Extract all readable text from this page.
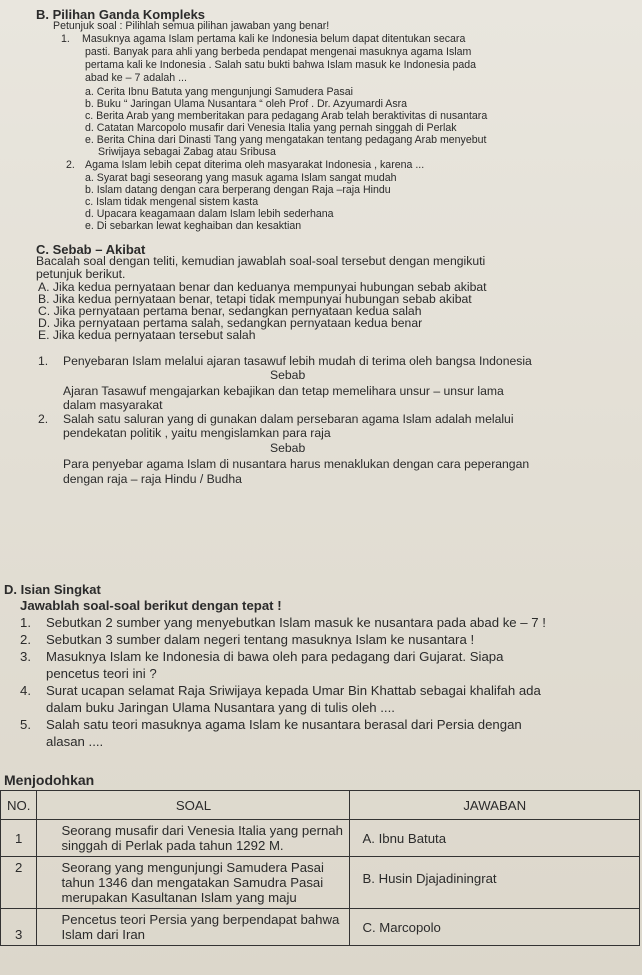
B. Pilihan Ganda Kompleks
Petunjuk soal : Pilihlah semua pilihan jawaban yang benar!
1. Masuknya agama Islam pertama kali ke Indonesia belum dapat ditentukan secara
pasti. Banyak para ahli yang berbeda pendapat mengenai masuknya agama Islam
pertama kali ke Indonesia . Salah satu bukti bahwa Islam masuk ke Indonesia pada
abad ke – 7 adalah ...
a. Cerita Ibnu Batuta yang mengunjungi Samudera Pasai
b. Buku “ Jaringan Ulama Nusantara “ oleh Prof . Dr. Azyumardi Asra
c. Berita Arab yang memberitakan para pedagang Arab telah beraktivitas di nusantara
d. Catatan Marcopolo musafir dari Venesia Italia yang pernah singgah di Perlak
e. Berita China dari Dinasti Tang yang mengatakan tentang pedagang Arab menyebut
Sriwijaya sebagai Zabag atau Sribusa
2. Agama Islam lebih cepat diterima oleh masyarakat Indonesia , karena ...
a. Syarat bagi seseorang yang masuk agama Islam sangat mudah
b. Islam datang dengan cara berperang dengan Raja –raja Hindu
c. Islam tidak mengenal sistem kasta
d. Upacara keagamaan dalam Islam lebih sederhana
e. Di sebarkan lewat keghaiban dan kesaktian
C. Sebab – Akibat
Bacalah soal dengan teliti, kemudian jawablah soal-soal tersebut dengan mengikuti
petunjuk berikut.
A. Jika kedua pernyataan benar dan keduanya mempunyai hubungan sebab akibat
B. Jika kedua pernyataan benar, tetapi tidak mempunyai hubungan sebab akibat
C. Jika pernyataan pertama benar, sedangkan pernyataan kedua salah
D. Jika pernyataan pertama salah, sedangkan pernyataan kedua benar
E. Jika kedua pernyataan tersebut salah
1. Penyebaran Islam melalui ajaran tasawuf lebih mudah di terima oleh bangsa Indonesia
Sebab
Ajaran Tasawuf mengajarkan kebajikan dan tetap memelihara unsur – unsur lama
dalam masyarakat
2. Salah satu saluran yang di gunakan dalam persebaran agama Islam adalah melalui
pendekatan politik , yaitu mengislamkan para raja
Sebab
Para penyebar agama Islam di nusantara harus menaklukan dengan cara peperangan
dengan raja – raja Hindu / Budha
D. Isian Singkat
Jawablah soal-soal berikut dengan tepat !
1. Sebutkan 2 sumber yang menyebutkan Islam masuk ke nusantara pada abad ke – 7 !
2. Sebutkan 3 sumber dalam negeri tentang masuknya Islam ke nusantara !
3. Masuknya Islam ke Indonesia di bawa oleh para pedagang dari Gujarat. Siapa
pencetus teori ini ?
4. Surat ucapan selamat Raja Sriwijaya kepada Umar Bin Khattab sebagai khalifah ada
dalam buku Jaringan Ulama Nusantara yang di tulis oleh ....
5. Salah satu teori masuknya agama Islam ke nusantara berasal dari Persia dengan
alasan ....
Menjodohkan
NO.	SOAL	JAWABAN
1	Seorang musafir dari Venesia Italia yang pernah singgah di Perlak pada tahun 1292 M.	A. Ibnu Batuta
2	Seorang yang mengunjungi Samudera Pasai tahun 1346 dan mengatakan Samudra Pasai merupakan Kasultanan Islam yang maju	B. Husin Djajadiningrat
3	Pencetus teori Persia yang berpendapat bahwa Islam dari Iran	C. Marcopolo
